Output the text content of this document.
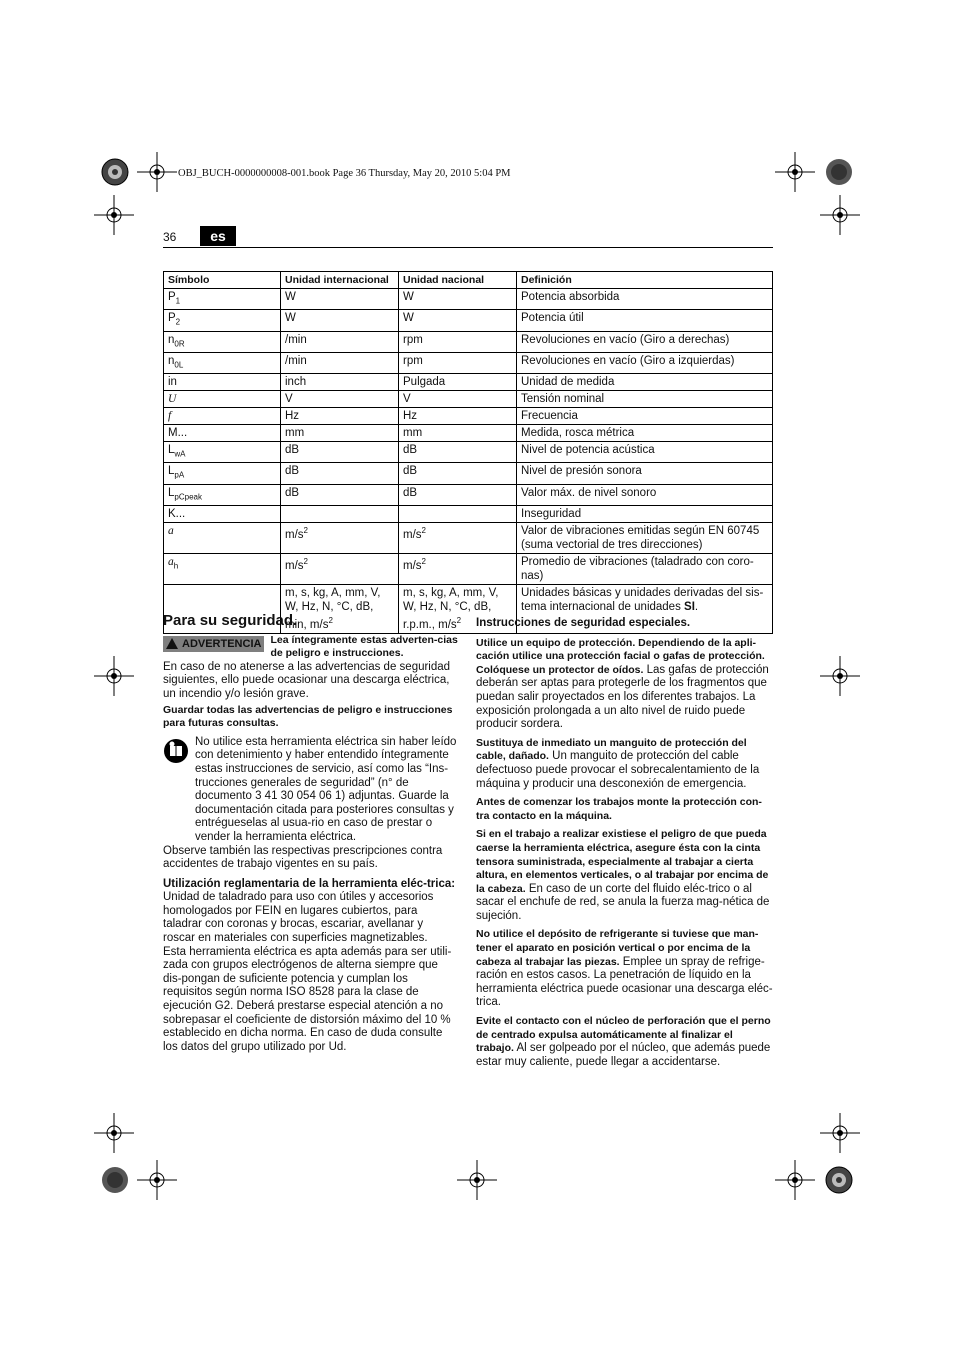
OBJ_BUCH-0000000008-001.book Page 36 Thursday, May 20, 2010 5:04 PM
36	es
Símbolo	Unidad internacional	Unidad nacional	Definición
$P_1$	W	W	Potencia absorbida
$P_2$	W	W	Potencia útil
$n_{0R}$	/min	rpm	Revoluciones en vacío (Giro a derechas)
$n_{0L}$	/min	rpm	Revoluciones en vacío (Giro a izquierdas)
in	inch	Pulgada	Unidad de medida
U	V	V	Tensión nominal
f	Hz	Hz	Frecuencia
M...	mm	mm	Medida, rosca métrica
$L_{wA}$	dB	dB	Nivel de potencia acústica
$L_{pA}$	dB	dB	Nivel de presión sonora
$L_{pCpeak}$	dB	dB	Valor máx. de nivel sonoro
K...			Inseguridad
a	$m/s^2$	$m/s^2$	Valor de vibraciones emitidas según EN 60745 (suma vectorial de tres direcciones)
$a_h$	$m/s^2$	$m/s^2$	Promedio de vibraciones (taladrado con coro-nas)
	m, s, kg, A, mm, V, W, Hz, N, °C, dB, min, $m/s^2$	m, s, kg, A, mm, V, W, Hz, N, °C, dB, r.p.m., $m/s^2$	Unidades básicas y unidades derivadas del sis-tema internacional de unidades SI.
Para su seguridad.
ADVERTENCIA Lea íntegramente estas adverten-cias de peligro e instrucciones.
En caso de no atenerse a las advertencias de seguridad siguientes, ello puede ocasionar una descarga eléctrica, un incendio y/o lesión grave.
Guardar todas las advertencias de peligro e instrucciones para futuras consultas.
No utilice esta herramienta eléctrica sin haber leído con detenimiento y haber entendido íntegramente estas instrucciones de servicio, así como las “Ins-trucciones generales de seguridad” (n° de documento 3 41 30 054 06 1) adjuntas. Guarde la documentación citada para posteriores consultas y entrégueselas al usua-rio en caso de prestar o vender la herramienta eléctrica.
Observe también las respectivas prescripciones contra accidentes de trabajo vigentes en su país.
Utilización reglamentaria de la herramienta eléc-trica:
Unidad de taladrado para uso con útiles y accesorios homologados por FEIN en lugares cubiertos, para taladrar con coronas y brocas, escariar, avellanar y roscar en materiales con superficies magnetizables.
Esta herramienta eléctrica es apta además para ser utili-zada con grupos electrógenos de alterna siempre que dis-pongan de suficiente potencia y cumplan los requisitos según norma ISO 8528 para la clase de ejecución G2. Deberá prestarse especial atención a no sobrepasar el coeficiente de distorsión máximo del 10 % establecido en dicha norma. En caso de duda consulte los datos del grupo utilizado por Ud.
Instrucciones de seguridad especiales.
Utilice un equipo de protección. Dependiendo de la apli-cación utilice una protección facial o gafas de protección. Colóquese un protector de oídos. Las gafas de protección deberán ser aptas para protegerle de los fragmentos que puedan salir proyectados en los diferentes trabajos. La exposición prolongada a un alto nivel de ruido puede producir sordera.
Sustituya de inmediato un manguito de protección del cable, dañado. Un manguito de protección del cable defectuoso puede provocar el sobrecalentamiento de la máquina y producir una desconexión de emergencia.
Antes de comenzar los trabajos monte la protección con-tra contacto en la máquina.
Si en el trabajo a realizar existiese el peligro de que pueda caerse la herramienta eléctrica, asegure ésta con la cinta tensora suministrada, especialmente al trabajar a cierta altura, en elementos verticales, o al trabajar por encima de la cabeza. En caso de un corte del fluido eléc-trico o al sacar el enchufe de red, se anula la fuerza mag-nética de sujeción.
No utilice el depósito de refrigerante si tuviese que man-tener el aparato en posición vertical o por encima de la cabeza al trabajar las piezas. Emplee un spray de refrige-ración en estos casos. La penetración de líquido en la herramienta eléctrica puede ocasionar una descarga eléc-trica.
Evite el contacto con el núcleo de perforación que el perno de centrado expulsa automáticamente al finalizar el trabajo. Al ser golpeado por el núcleo, que además puede estar muy caliente, puede llegar a accidentarse.
